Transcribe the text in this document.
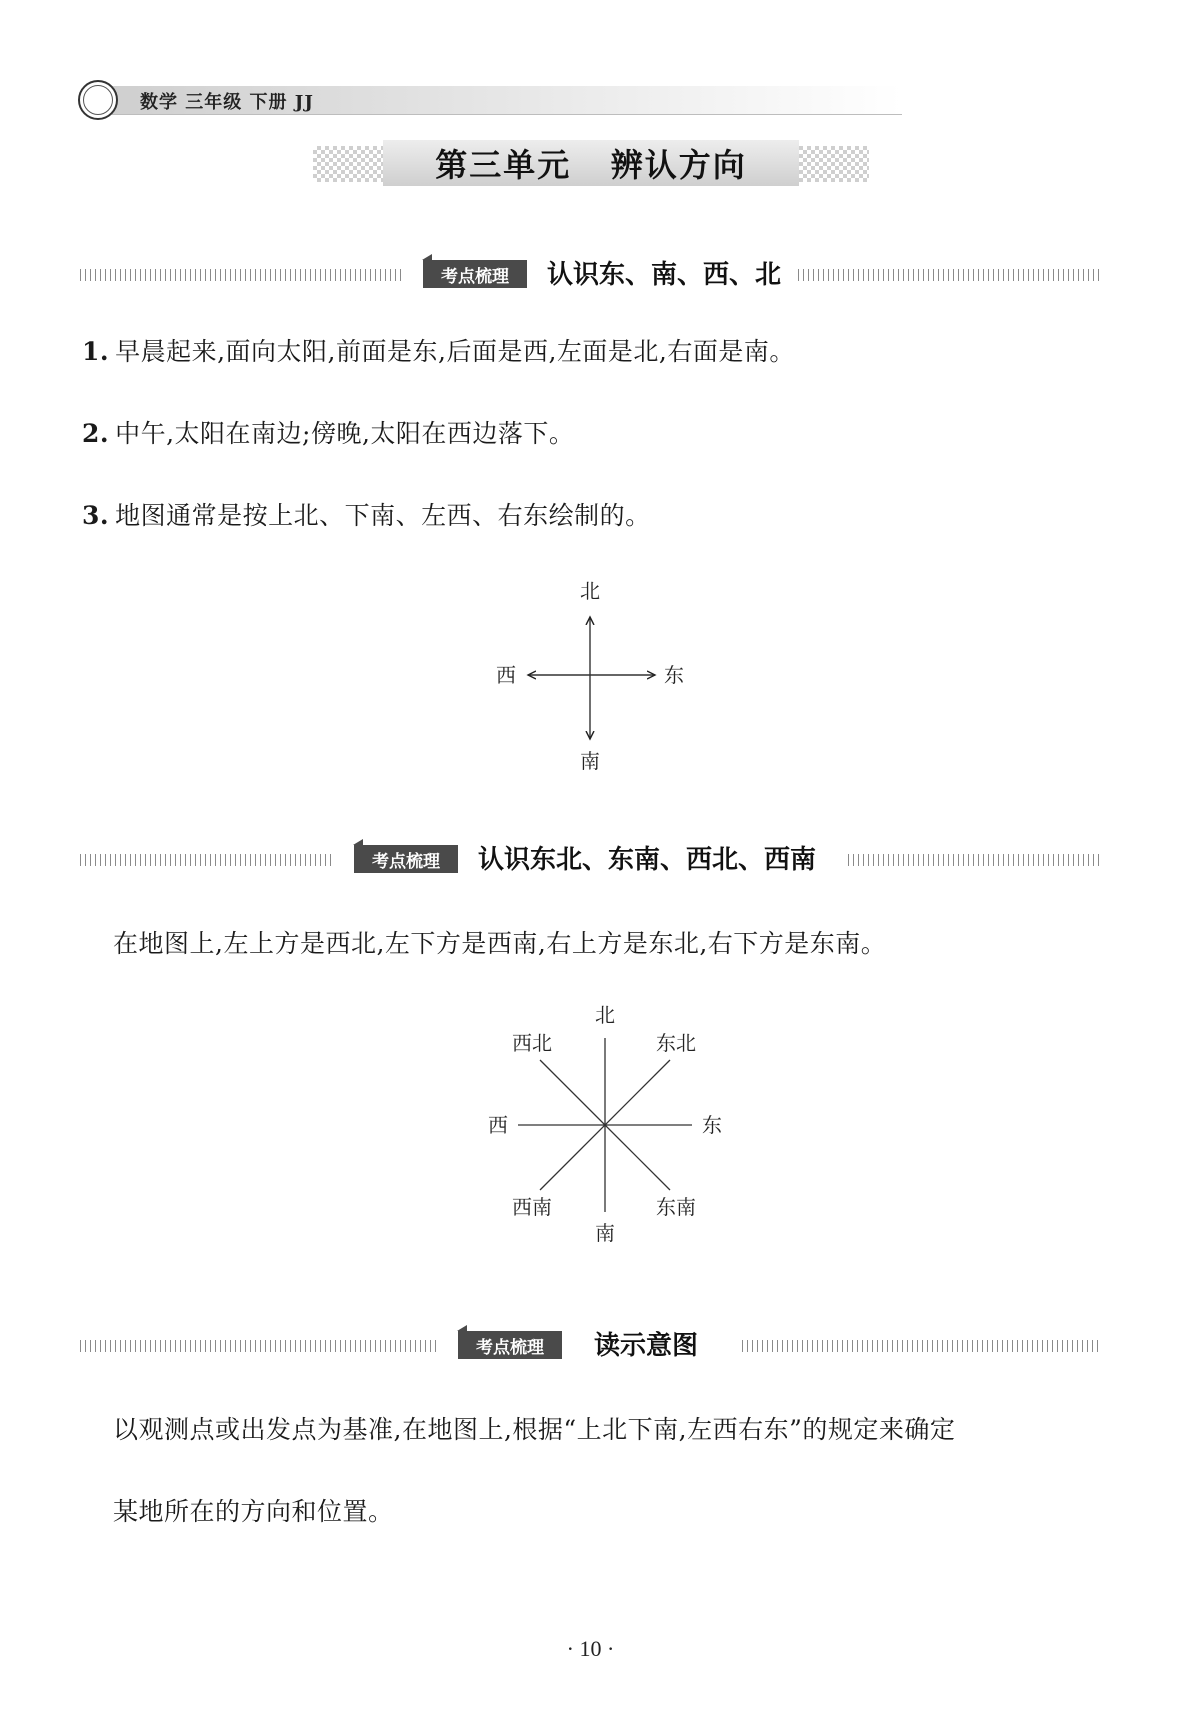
数学 三年级 下册 JJ
第三单元   辨认方向
考点梳理	认识东、南、西、北
1. 早晨起来,面向太阳,前面是东,后面是西,左面是北,右面是南。
2. 中午,太阳在南边;傍晚,太阳在西边落下。
3. 地图通常是按上北、下南、左西、右东绘制的。
北
南
西	东
考点梳理	认识东北、东南、西北、西南
在地图上,左上方是西北,左下方是西南,右上方是东北,右下方是东南。
北
南
西	东
西北	东北
西南	东南
考点梳理	读示意图
以观测点或出发点为基准,在地图上,根据“上北下南,左西右东”的规定来确定
某地所在的方向和位置。
· 10 ·
